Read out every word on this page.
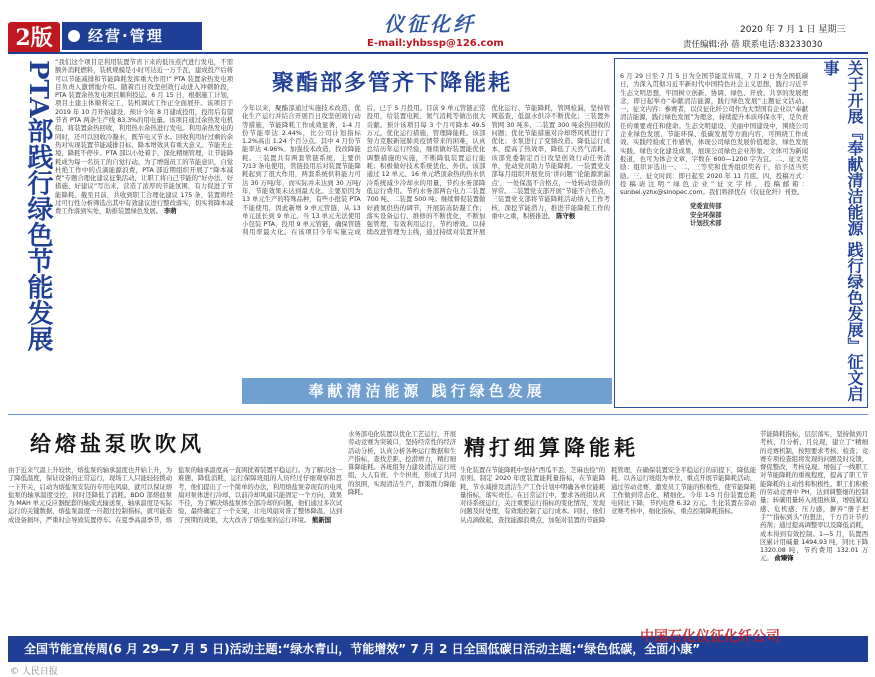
2版	经营·管理	仪征化纤
E-mail:yhbssp@126.com
2020 年 7 月 1 日 星期三
责任编辑:孙 蓓 联系电话:83233030
PTA部践行绿色节能发展 “我们这个项目是利用装置节省下来的低压蒸汽进行发电，不需额外消耗燃料，装机规模是小时可达近一万千瓦，建成投产后将可以节能减排和节能降耗发挥重大作用!” PTA 装置余热发电项目负责人激情地介绍。随着百日攻坚创效行动进入冲刺阶段，PTA 装置余热发电项目顺利投运。6 月 15 日，根据施工计划，项目土建主体顺利完工，装机调试工作正全面展开。该项目于 2019 年 10 月开始建设，预计今年 8 月建成投用，投用后有望节省 PTA 两条生产线 83.3%的用电量。该项目通过余热发电机组，将装置余热回收，利用热水余热进行发电。利用余热发电的同时，还可以回收冷凝水，既节电又节水。回收利用好过剩的余热对实现装置节能减排目标、降本增效具有重大意义。节能无止境，降耗不停步。PTA 部以小处着手，深化精细管理，让节能降耗成为每一名员工的自觉行动。为了增强员工的节能意识，自觉杜绝工作中的点滴能源浪费，PTA 部近期组织开展了“降本减费”专题合理化建议征集活动，让职工将自己节能的“好办法、好措施、好建议”写出来，营造了浓厚的节能氛围，有力促进了节能降耗。截至目前，共收到职工合理化建议 175 条，装置将经过可行性分析筛选出其中有效建议进行整改落实，切实将降本减费工作落到实处，助推装置绿色发展。 李萌
聚酯部多管齐下降能耗
今年以来，聚酯部通过实施技术改造、优化生产运行并结合开展百日攻坚创效行动等措施，节能降耗工作成效显著，1-4 月份节能率达 2.44%，比公司计划指标 1.2%高出 1.24 个百分点。其中 4 月份节能率达 4.96%。加强技术改造，找改降能耗。三装置共有两套管链系统，主要供 7/13 条电使用，管链投用后对装置节能降耗起到了很大作用，两套系统供料能力可达 30 万吨/年，而实际并未达到 30 万吨/年，节能效果未达到最大化。主要原因为 13 单元生产的特殊品种，有些小批装 PTA 不能使用，因此新增 9 单元管链，从 13 单元延长到 9 单元。当 13 单元无法使用小包装 PTA，投用 9 单元管链，确保管链利用率最大化。在该项目今年实施完成后，已于 5 月投用。目前 9 单元管链正常投用，给装置电耗、氮气消耗等做出很大贡献。预计该项目每 3 个月可降本 49.5 万元。优化运行措施，管理降能耗。该部努力克服新冠肺炎疫情带来的困难，认真总结历年运行经验，继续做好装置能优化调整措施的实施，不断降低装置运行能耗；积极做好技术系统优化、外供。该部通过 12 单元、16 单元塔顶余热的热水供冷系统减少冷却水的用量，节约水务部降低运行费用。节约水务部两台电力二装置 700 吨、二装置 500 吨；继续督促装置做好液氮供热的调节，开展防冻防凝工作；落实设备运行、维修的不断优化，不断加强管理，有效利用运行，节约增效。以持续改进管理为主线，通过持续对装置开展优化运行、节能降耗，管网检漏，坚持管网巡查、低温水供冷不断优化；三装置外管网 30 吨多、二装置 300 吨余热回收的问题；优化节能措施对冷却塔风机进行了优化；水泵进行了变频改造。降低运行成本，提高了热效率，降低了天然气消耗。该部党委制定百日攻坚创效行动任务清单，党动党员助力节能降耗。一装置党支部每月组织开展党员‘讲问题’‘论能源泄漏点’，一处保温不合格点，一处转动设备的异常。二装置党支部开展“节能不合格点，三装置党支部将节能降耗活动纳入工作考核，深挖节能潜力，推进节能降耗工作的重中之重，积极推进。 陈守根
奉献清洁能源 践行绿色发展
6 月 29 日至 7 月 5 日为全国节能宣传周，7 月 2 日为全国低碳日，为深入贯彻习近平新时代中国特色社会主义思想，践行习近平生态文明思想，牢固树立创新、协调、绿色、开放、共享的发展理念，即日起举办“奉献清洁能源，践行绿色发展”主题征文活动。一、征文内容：参赛者，以仪征化纤公司作为大型国有企业以“奉献清洁能源，践行绿色发展”为理念，持续提升本质环保水平，是负责任的重要责任和使命。生态文明建设、美丽中国建设中，围绕公司企业绿色发展、节能环保、低碳发展等方面内容，可围绕工作成效、实践经验或工作感悟，体现公司绿色发展价值理念，绿色发展实践，绿色文化建设成果，展现公司绿色企业形象。文体可为新闻报道，也可为体会文章，字数在 600—1200 字为宜。二、征文奖励：组织评选出一、二、三等奖和优秀组织奖若干，给予适当奖励。三、征文时间：即日起至 2020 年 11 月底。四、投稿方式：投稿请注明“绿色企业”征文字样，投稿邮箱：sunbei.yzhx@sinopec.com。我们将择优在《仪征化纤》刊登。
党委宣传部
安全环保部
计划技术部	关于开展『奉献清洁能源 践行绿色发展』征文启事
给熔盐泵吹吹风
由于近来气温上升较快，熔盐泵的轴承温度也开始上升，为了降低温度，保证设备的正常运行，现场工人只能轻轻拨动一下开关，启动为熔盐泵安装的专用电风扇，就可以保证熔盐泵的轴承温度受控，同时还降低了消耗。BDO 部熔盐泵为 MAH 单元反应器配套的轴流式输送泵，轴承温度是实际运行的关键数据，熔盐泵温度一旦超过控制指标，就可能造成设备损坏，严重时会导致装置停车。在夏季高温季节，熔盐泵的轴承温度高一直困扰着装置平稳运行。为了解决这一难题，降低消耗，运行保障班组的人员经过仔细观察和思考，他们提出了一个简单的办法，利用熔盐泵旁现有的电风扇对泵体进行冷却，以前冷却风扇只能固定一个方向，效果不佳，为了解决熔盐泵体全部冷却的问题，他们通过多次试验，最终确定了一个支架，让电风扇对准了整体降温，达到了预期的效果，大大改善了熔盐泵的运行环境。 熊新国
水务部电化装置以优化工艺运行、开展劳动竞赛为突破口，坚持经常性的经济活动分析，认真分析各种运行数据和生产指标，查找差距、挖潜增力，精打细算降能耗。各班组努力建设清洁运行班组，人人有责，个个担责，形成了共同的氛围，实现清洁生产，群策群力降能降耗。
精打细算降能耗
生化装置在节能降耗中坚持“西瓜不丢、芝麻也捡”的原则。制定 2020 年度装置能耗量指标，在节能降耗、节水减排及清洁生产工作计划中明确各单位能耗量指标，落实责任。在日常运行中，要求各班组认真对待系统运行，关注重要运行指标的变化情况，发现问题及时处理，有效地控制了运行成本。同时，他们从点滴做起，查找能源浪费点，加强对装置的节能降耗管理，在确保装置安全平稳运行的前提下，降低能耗。以各运行班组为单位，重点开展节能降耗活动，通过劳动竞赛，激发员工节能的积极性，使节能降耗工作做到常态化、精细化。今年 1-5 月份装置总耗电同比下降，节约电费 6.32 万元。生化装置在旁动竞赛考核中，细化指标，重点控制降耗指标。
节能降耗指标，层层落实，坚持做到月考核、月分析、月兑现，建立了“精细的竞赛机制，按照要求考核、检查；竞赛专项检查组将发现的问题及时反馈，督促整改，考核兑现。增强了一线职工对节能降耗的重视程度，提高了职工节能降耗的主动性和积极性。职工们积极的劳动竞赛中 PH，达到调整细的控制量；转碳用量转入班组核算，增强紧迫感、危机感、压力感，摒弃“册手把手”“指标到头”的想法，千方百计节约药剂；通过提高调整率以及降低消耗，成本得到有效控制。1—5 月，装置西区累计用碱量 1494.93 吨，同比下降 1320.08 吨，节约费用 132.01 万元。 俞臻锋
全国节能宣传周(6 月 29—7 月 5 日)活动主题:“绿水青山，节能增效” 7 月 2 日全国低碳日活动主题:“绿色低碳，全面小康”
中国石化仪征化纤公司
© 人民日报
